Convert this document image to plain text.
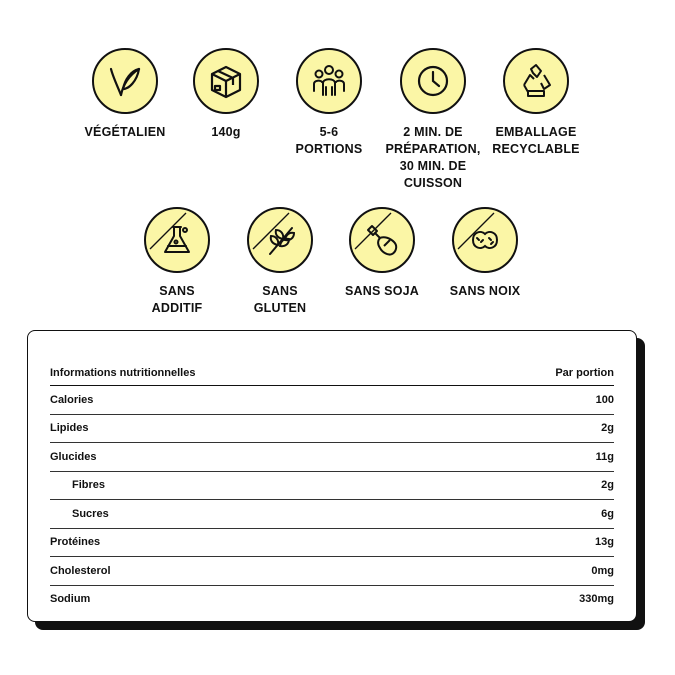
VÉGÉTALIEN	140g	5-6
PORTIONS
2 MIN. DE
PRÉPARATION,
30 MIN. DE
CUISSON
EMBALLAGE
RECYCLABLE
SANS
ADDITIF
SANS
GLUTEN
SANS SOJA	SANS NOIX
Informations nutritionnelles	Par portion
Calories	100
Lipides	2g
Glucides	11g
Fibres	2g
Sucres	6g
Protéines	13g
Cholesterol	0mg
Sodium	330mg
